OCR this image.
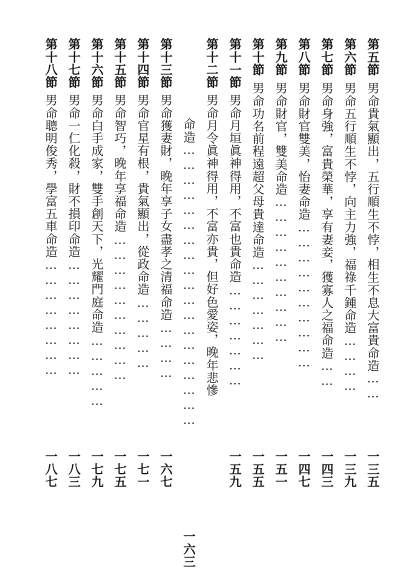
第五節男命貴氣顯出，五行順生不悖，相生不息大富貴命造……
一三五
第六節男命五行順生不悖，向主力強，福祿千鍾命造…………
一三九
第七節男命身強，富貴榮華，享有妻妾，獲寡人之福命造……
一四三
第八節男命財官雙美，怡妻命造…………………………
一四七
第九節男命財官，雙美命造…………………………
一五一
第十節男命功名前程遠超父母貴達命造…………………
一五五
第十一節男命月垣眞神得用，不富也貴命造…………………
一五九
第十二節男命月令眞神得用，不富亦貴，但好色愛姿，晚年悲慘
命造…………………………………………………
一六三
第十三節男命獲妻財，晚年享子女盡孝之清福命造…………
一六七
第十四節男命官星有根，貴氣顯出，從政命造……………
一七一
第十五節男命智巧，晚年享福命造…………………………
一七五
第十六節男命白手成家，雙手創天下，光耀門庭命造……………
一七九
第十七節男命一仁化殺，財不損印命造……………………
一八三
第十八節男命聰明俊秀，學富五車命造……………………
一八七
